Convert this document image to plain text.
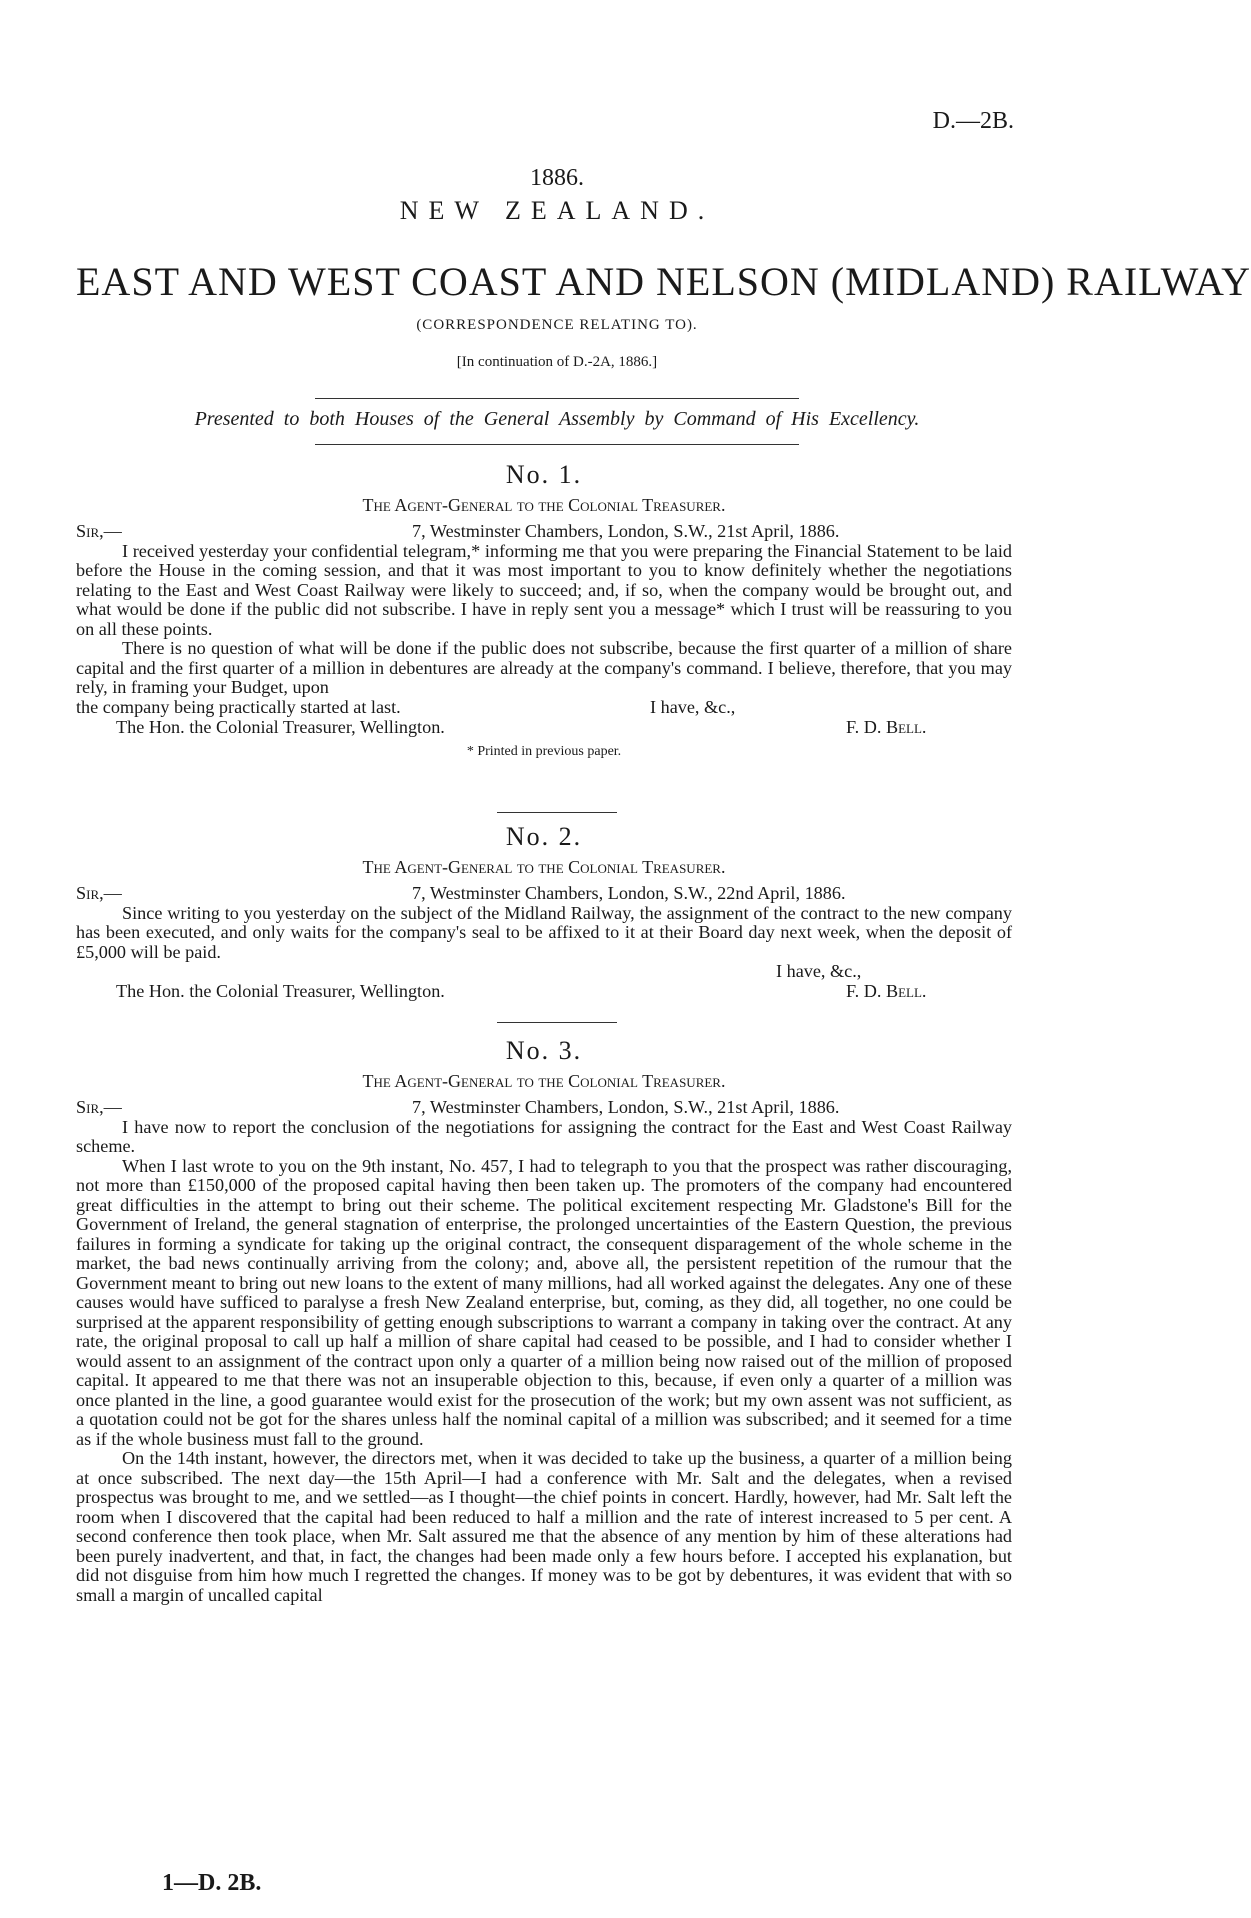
D.—2B.
1886.
NEW ZEALAND.
EAST AND WEST COAST AND NELSON (MIDLAND) RAILWAY
(CORRESPONDENCE RELATING TO).
[In continuation of D.-2A, 1886.]
Presented to both Houses of the General Assembly by Command of His Excellency.
No. 1.
The Agent-General to the Colonial Treasurer.
Sir,—	7, Westminster Chambers, London, S.W., 21st April, 1886.

I received yesterday your confidential telegram,* informing me that you were preparing the Financial Statement to be laid before the House in the coming session, and that it was most important to you to know definitely whether the negotiations relating to the East and West Coast Railway were likely to succeed; and, if so, when the company would be brought out, and what would be done if the public did not subscribe. I have in reply sent you a message* which I trust will be reassuring to you on all these points.

There is no question of what will be done if the public does not subscribe, because the first quarter of a million of share capital and the first quarter of a million in debentures are already at the company's command. I believe, therefore, that you may rely, in framing your Budget, upon

the company being practically started at last.	I have, &c.,
The Hon. the Colonial Treasurer, Wellington.	F. D. Bell.
* Printed in previous paper.
No. 2.
The Agent-General to the Colonial Treasurer.
Sir,—	7, Westminster Chambers, London, S.W., 22nd April, 1886.

Since writing to you yesterday on the subject of the Midland Railway, the assignment of the contract to the new company has been executed, and only waits for the company's seal to be affixed to it at their Board day next week, when the deposit of £5,000 will be paid.

I have, &c.,
The Hon. the Colonial Treasurer, Wellington.	F. D. Bell.
No. 3.
The Agent-General to the Colonial Treasurer.
Sir,—	7, Westminster Chambers, London, S.W., 21st April, 1886.

I have now to report the conclusion of the negotiations for assigning the contract for the East and West Coast Railway scheme.

When I last wrote to you on the 9th instant, No. 457, I had to telegraph to you that the prospect was rather discouraging, not more than £150,000 of the proposed capital having then been taken up. The promoters of the company had encountered great difficulties in the attempt to bring out their scheme. The political excitement respecting Mr. Gladstone's Bill for the Government of Ireland, the general stagnation of enterprise, the prolonged uncertainties of the Eastern Question, the previous failures in forming a syndicate for taking up the original contract, the consequent disparagement of the whole scheme in the market, the bad news continually arriving from the colony; and, above all, the persistent repetition of the rumour that the Government meant to bring out new loans to the extent of many millions, had all worked against the delegates. Any one of these causes would have sufficed to paralyse a fresh New Zealand enterprise, but, coming, as they did, all together, no one could be surprised at the apparent responsibility of getting enough subscriptions to warrant a company in taking over the contract. At any rate, the original proposal to call up half a million of share capital had ceased to be possible, and I had to consider whether I would assent to an assignment of the contract upon only a quarter of a million being now raised out of the million of proposed capital. It appeared to me that there was not an insuperable objection to this, because, if even only a quarter of a million was once planted in the line, a good guarantee would exist for the prosecution of the work; but my own assent was not sufficient, as a quotation could not be got for the shares unless half the nominal capital of a million was subscribed; and it seemed for a time as if the whole business must fall to the ground.

On the 14th instant, however, the directors met, when it was decided to take up the business, a quarter of a million being at once subscribed. The next day—the 15th April—I had a conference with Mr. Salt and the delegates, when a revised prospectus was brought to me, and we settled—as I thought—the chief points in concert. Hardly, however, had Mr. Salt left the room when I discovered that the capital had been reduced to half a million and the rate of interest increased to 5 per cent. A second conference then took place, when Mr. Salt assured me that the absence of any mention by him of these alterations had been purely inadvertent, and that, in fact, the changes had been made only a few hours before. I accepted his explanation, but did not disguise from him how much I regretted the changes. If money was to be got by debentures, it was evident that with so small a margin of uncalled capital

1—D. 2B.
